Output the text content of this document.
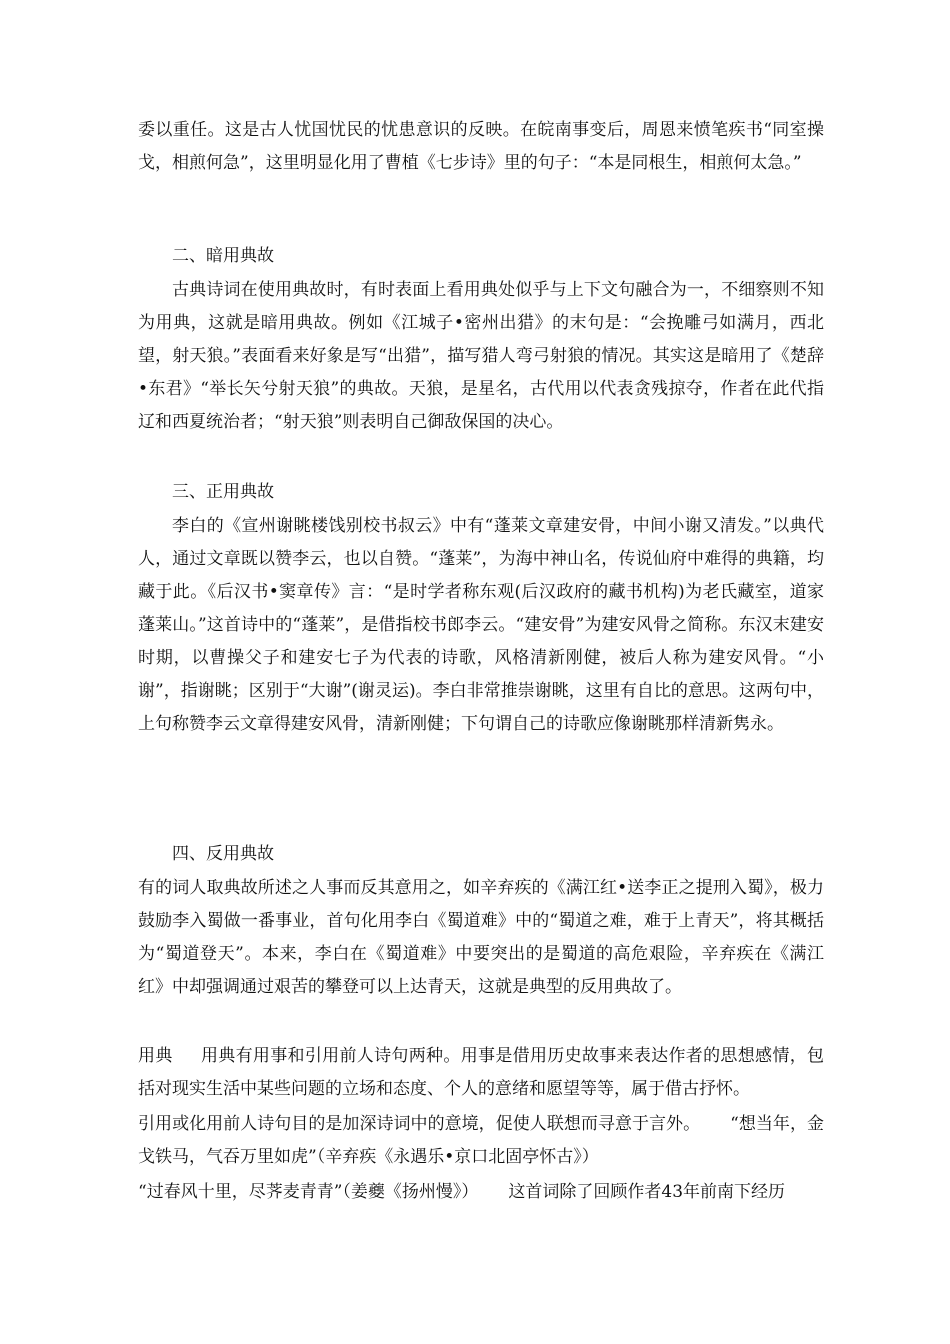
委以重任。这是古人忧国忧民的忧患意识的反映。在皖南事变后，周恩来愤笔疾书“同室操戈，相煎何急”，这里明显化用了曹植《七步诗》里的句子：“本是同根生，相煎何太急。”

二、暗用典故

古典诗词在使用典故时，有时表面上看用典处似乎与上下文句融合为一，不细察则不知为用典，这就是暗用典故。例如《江城子•密州出猎》的末句是：“会挽雕弓如满月，西北望，射天狼。”表面看来好象是写“出猎”，描写猎人弯弓射狼的情况。其实这是暗用了《楚辞•东君》“举长矢兮射天狼”的典故。天狼，是星名，古代用以代表贪残掠夺，作者在此代指辽和西夏统治者；“射天狼”则表明自己御敌保国的决心。

三、正用典故

李白的《宣州谢眺楼饯别校书叔云》中有“蓬莱文章建安骨，中间小谢又清发。”以典代人，通过文章既以赞李云，也以自赞。“蓬莱”，为海中神山名，传说仙府中难得的典籍，均藏于此。《后汉书•窦章传》言：“是时学者称东观(后汉政府的藏书机构)为老氏藏室，道家蓬莱山。”这首诗中的“蓬莱”，是借指校书郎李云。“建安骨”为建安风骨之简称。东汉末建安时期，以曹操父子和建安七子为代表的诗歌，风格清新刚健，被后人称为建安风骨。“小谢”，指谢眺；区别于“大谢”(谢灵运)。李白非常推崇谢眺，这里有自比的意思。这两句中，上句称赞李云文章得建安风骨，清新刚健；下句谓自己的诗歌应像谢眺那样清新隽永。

四、反用典故

有的词人取典故所述之人事而反其意用之，如辛弃疾的《满江红•送李正之提刑入蜀》，极力鼓励李入蜀做一番事业，首句化用李白《蜀道难》中的“蜀道之难，难于上青天”，将其概括为“蜀道登天”。本来，李白在《蜀道难》中要突出的是蜀道的高危艰险，辛弃疾在《满江红》中却强调通过艰苦的攀登可以上达青天，这就是典型的反用典故了。

用典 用典有用事和引用前人诗句两种。用事是借用历史故事来表达作者的思想感情，包括对现实生活中某些问题的立场和态度、个人的意绪和愿望等等，属于借古抒怀。

引用或化用前人诗句目的是加深诗词中的意境，促使人联想而寻意于言外。 “想当年，金戈铁马，气吞万里如虎”（辛弃疾《永遇乐•京口北固亭怀古》）

“过春风十里，尽荠麦青青”（姜夔《扬州慢》） 这首词除了回顾作者43年前南下经历
